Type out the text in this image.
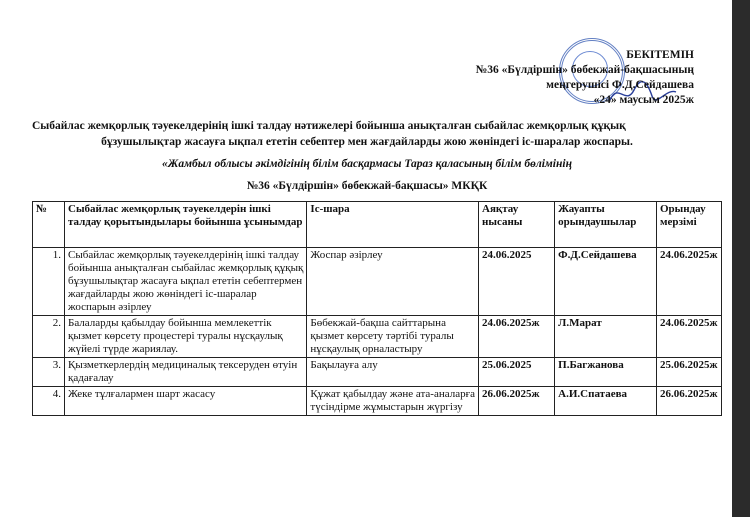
БЕКІТЕМІН
№36 «Бүлдіршін» бөбекжай-бақшасының
меңгерушісі Ф.Д.Сейдашева
«24» маусым 2025ж
Сыбайлас жемқорлық тәуекелдерінің ішкі талдау нәтижелері бойынша анықталған сыбайлас жемқорлық құқық
бұзушылықтар жасауға ықпал ететін себептер мен жағдайларды жою жөніндегі іс-шаралар жоспары.
«Жамбыл облысы әкімдігінің білім басқармасы Тараз қаласының білім бөлімінің
№36 «Бүлдіршін» бөбекжай-бақшасы» МКҚК
№	Сыбайлас жемқорлық тәуекелдерін ішкі талдау қорытындылары бойынша ұсынымдар	Іс-шара	Аяқтау нысаны	Жауапты орындаушылар	Орындау мерзімі
1.	Сыбайлас жемқорлық тәуекелдерінің ішкі талдау бойынша анықталған сыбайлас жемқорлық құқық бұзушылықтар жасауға ықпал ететін себептермен жағдайларды жою жөніндегі іс-шаралар жоспарын әзірлеу	Жоспар әзірлеу	24.06.2025	Ф.Д.Сейдашева	24.06.2025ж
2.	Балаларды қабылдау бойынша мемлекеттік қызмет көрсету процестері туралы нұсқаулық жүйелі түрде жариялау.	Бөбекжай-бақша сайттарына қызмет көрсету тәртібі туралы нұсқаулық орналастыру	24.06.2025ж	Л.Марат	24.06.2025ж
3.	Қызметкерлердің медициналық тексеруден өтуін қадағалау	Бақылауға алу	25.06.2025	П.Багжанова	25.06.2025ж
4.	Жеке тұлғалармен шарт жасасу	Құжат қабылдау және ата-аналарға түсіндірме жұмыстарын жүргізу	26.06.2025ж	А.И.Спатаева	26.06.2025ж
